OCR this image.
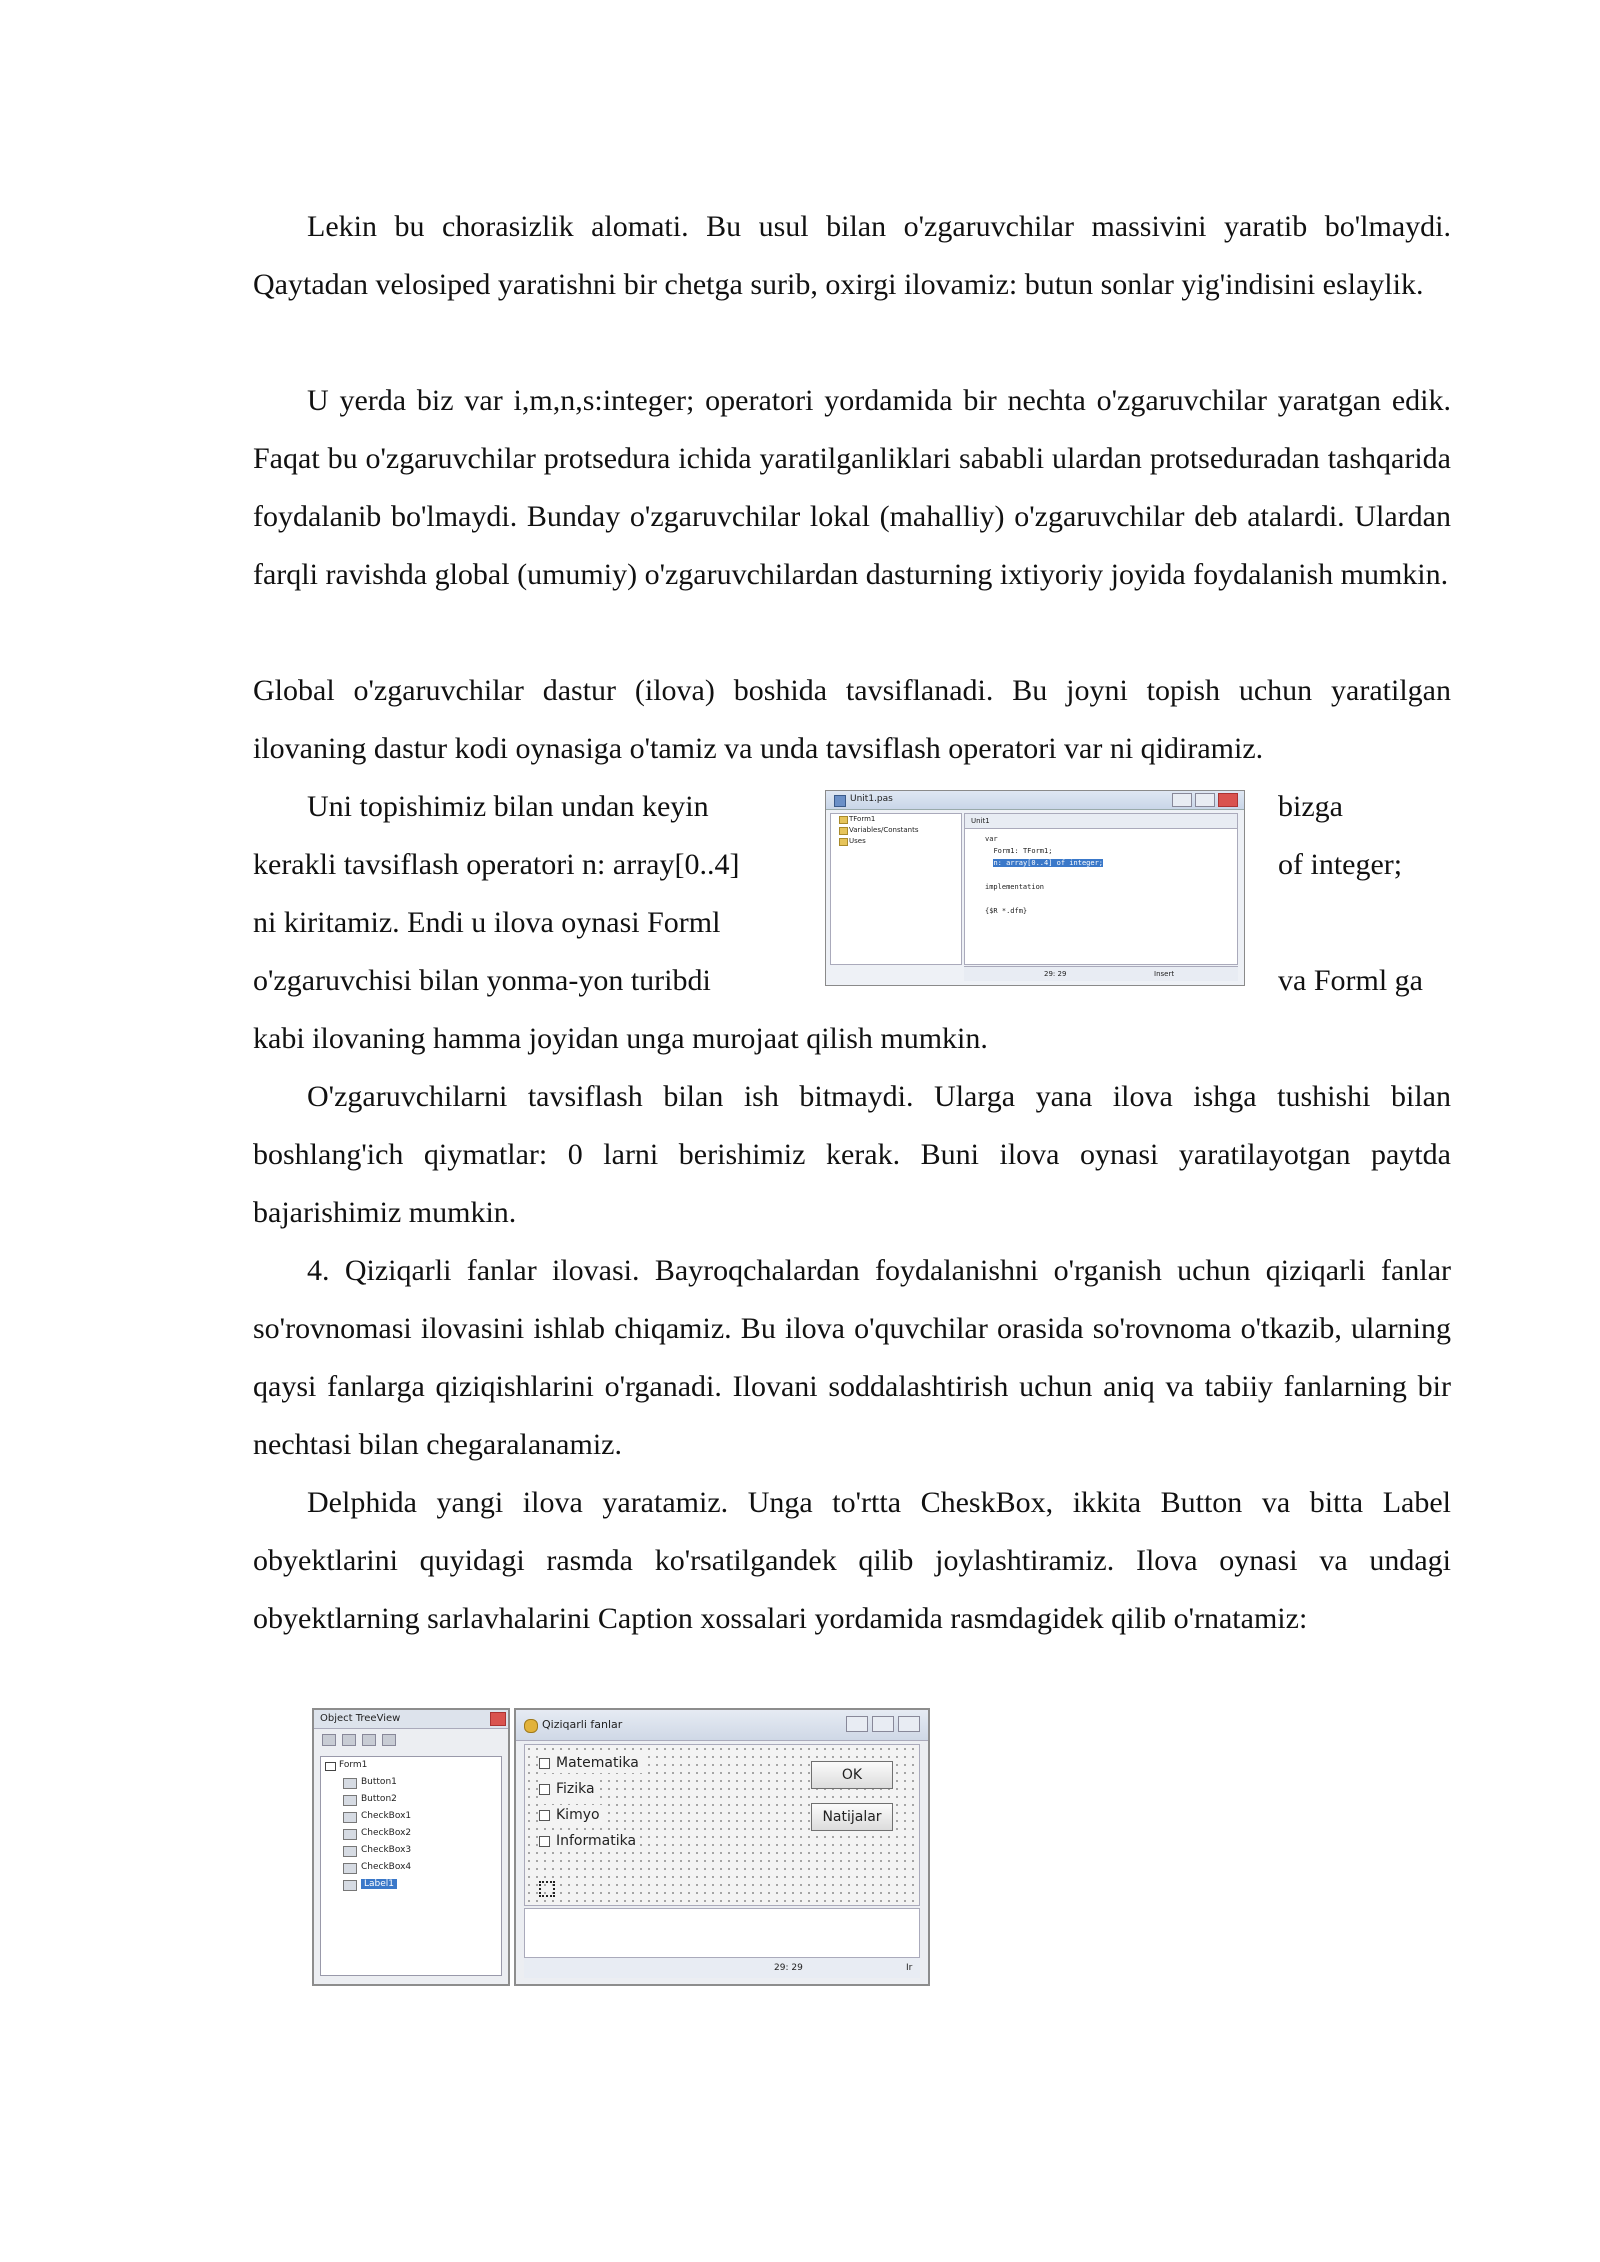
Lekin bu chorasizlik alomati. Bu usul bilan o'zgaruvchilar massivini yaratib bo'lmaydi. Qaytadan velosiped yaratishni bir chetga surib, oxirgi ilovamiz: butun sonlar yig'indisini eslaylik.
U yerda biz var i,m,n,s:integer; operatori yordamida bir nechta o'zgaruvchilar yaratgan edik. Faqat bu o'zgaruvchilar protsedura ichida yaratilganliklari sababli ulardan protseduradan tashqarida foydalanib bo'lmaydi. Bunday o'zgaruvchilar lokal (mahalliy) o'zgaruvchilar deb atalardi. Ulardan farqli ravishda global (umumiy) o'zgaruvchilardan dasturning ixtiyoriy joyida foydalanish mumkin.
Global o'zgaruvchilar dastur (ilova) boshida tavsiflanadi. Bu joyni topish uchun yaratilgan ilovaning dastur kodi oynasiga o'tamiz va unda tavsiflash operatori var ni qidiramiz.
Uni topishimiz bilan undan keyin	bizga
kerakli tavsiflash operatori n: array[0..4]	of integer;
ni kiritamiz. Endi u ilova oynasi Forml
o'zgaruvchisi bilan yonma-yon turibdi	va Forml ga
kabi ilovaning hamma joyidan unga murojaat qilish mumkin.
Unit1.pas
TForm1
Variables/Constants
Uses
Unit1
var
Form1: TForm1;
n: array[0..4] of integer;

implementation

{$R *.dfm}
29: 29	Insert
O'zgaruvchilarni tavsiflash bilan ish bitmaydi. Ularga yana ilova ishga tushishi bilan boshlang'ich qiymatlar: 0 larni berishimiz kerak. Buni ilova oynasi yaratilayotgan paytda bajarishimiz mumkin.
4. Qiziqarli fanlar ilovasi. Bayroqchalardan foydalanishni o'rganish uchun qiziqarli fanlar so'rovnomasi ilovasini ishlab chiqamiz. Bu ilova o'quvchilar orasida so'rovnoma o'tkazib, ularning qaysi fanlarga qiziqishlarini o'rganadi. Ilovani soddalashtirish uchun aniq va tabiiy fanlarning bir nechtasi bilan chegaralanamiz.
Delphida yangi ilova yaratamiz. Unga to'rtta CheskBox, ikkita Button va bitta Label obyektlarini quyidagi rasmda ko'rsatilgandek qilib joylashtiramiz. Ilova oynasi va undagi obyektlarning sarlavhalarini Caption xossalari yordamida rasmdagidek qilib o'rnatamiz:
Object TreeView
Form1
Button1
Button2
CheckBox1
CheckBox2
CheckBox3
CheckBox4
Label1
Qiziqarli fanlar
Matematika
Fizika
Kimyo
Informatika
OK
Natijalar
29: 29	Ir
